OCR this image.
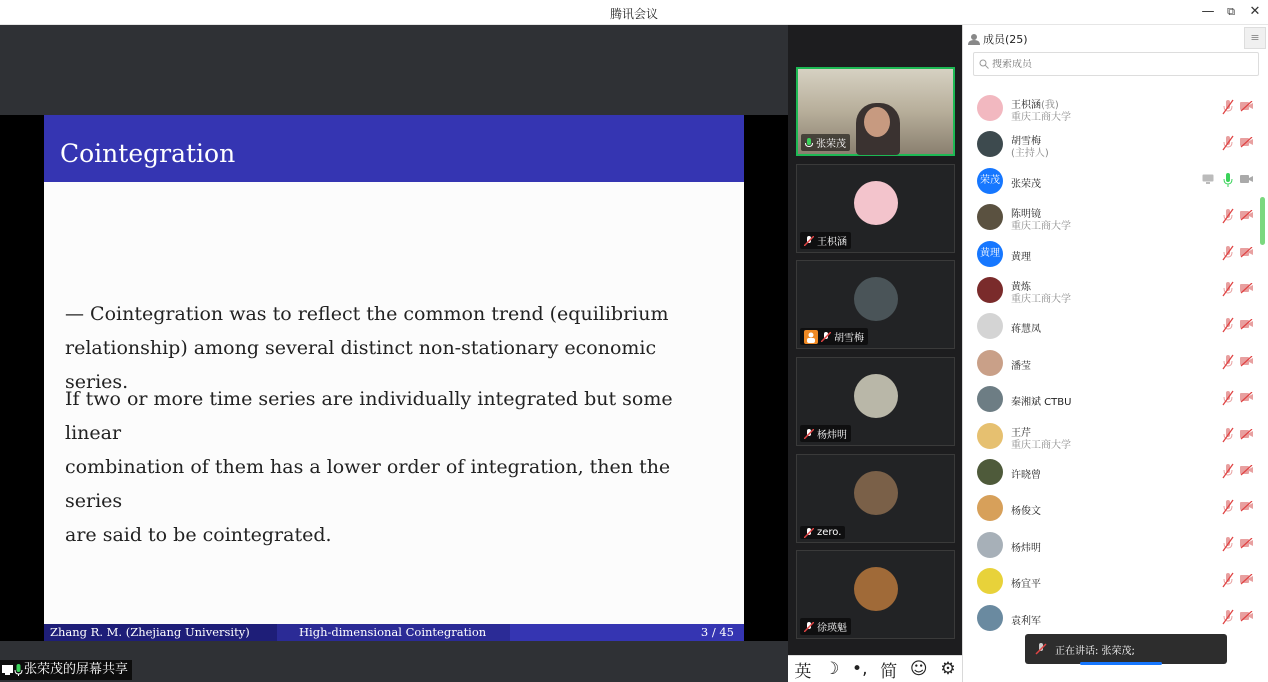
腾讯会议	—	⧉	✕
Cointegration
— Cointegration was to reflect the common trend (equilibrium
relationship) among several distinct non-stationary economic series.
If two or more time series are individually integrated but some linear
combination of them has a lower order of integration, then the series
are said to be cointegrated.
Zhang R. M. (Zhejiang University)	High-dimensional Cointegration	3 / 45
张荣茂的屏幕共享
张荣茂
王枳涵
胡雪梅
杨炜明
zero.
徐瑛魁
英 ☽ •, 简 ☺ ⚙
成员(25)	≡
搜索成员
王枳涵(我)
重庆工商大学
胡雪梅
(主持人)
荣茂	张荣茂
陈明镜
重庆工商大学
黄理	黄理
黄炼
重庆工商大学
蒋慧凤
潘莹
秦湘斌 CTBU
王芹
重庆工商大学
许晓曾
杨俊文
杨炜明
杨宜平
袁利军
正在讲话: 张荣茂;
